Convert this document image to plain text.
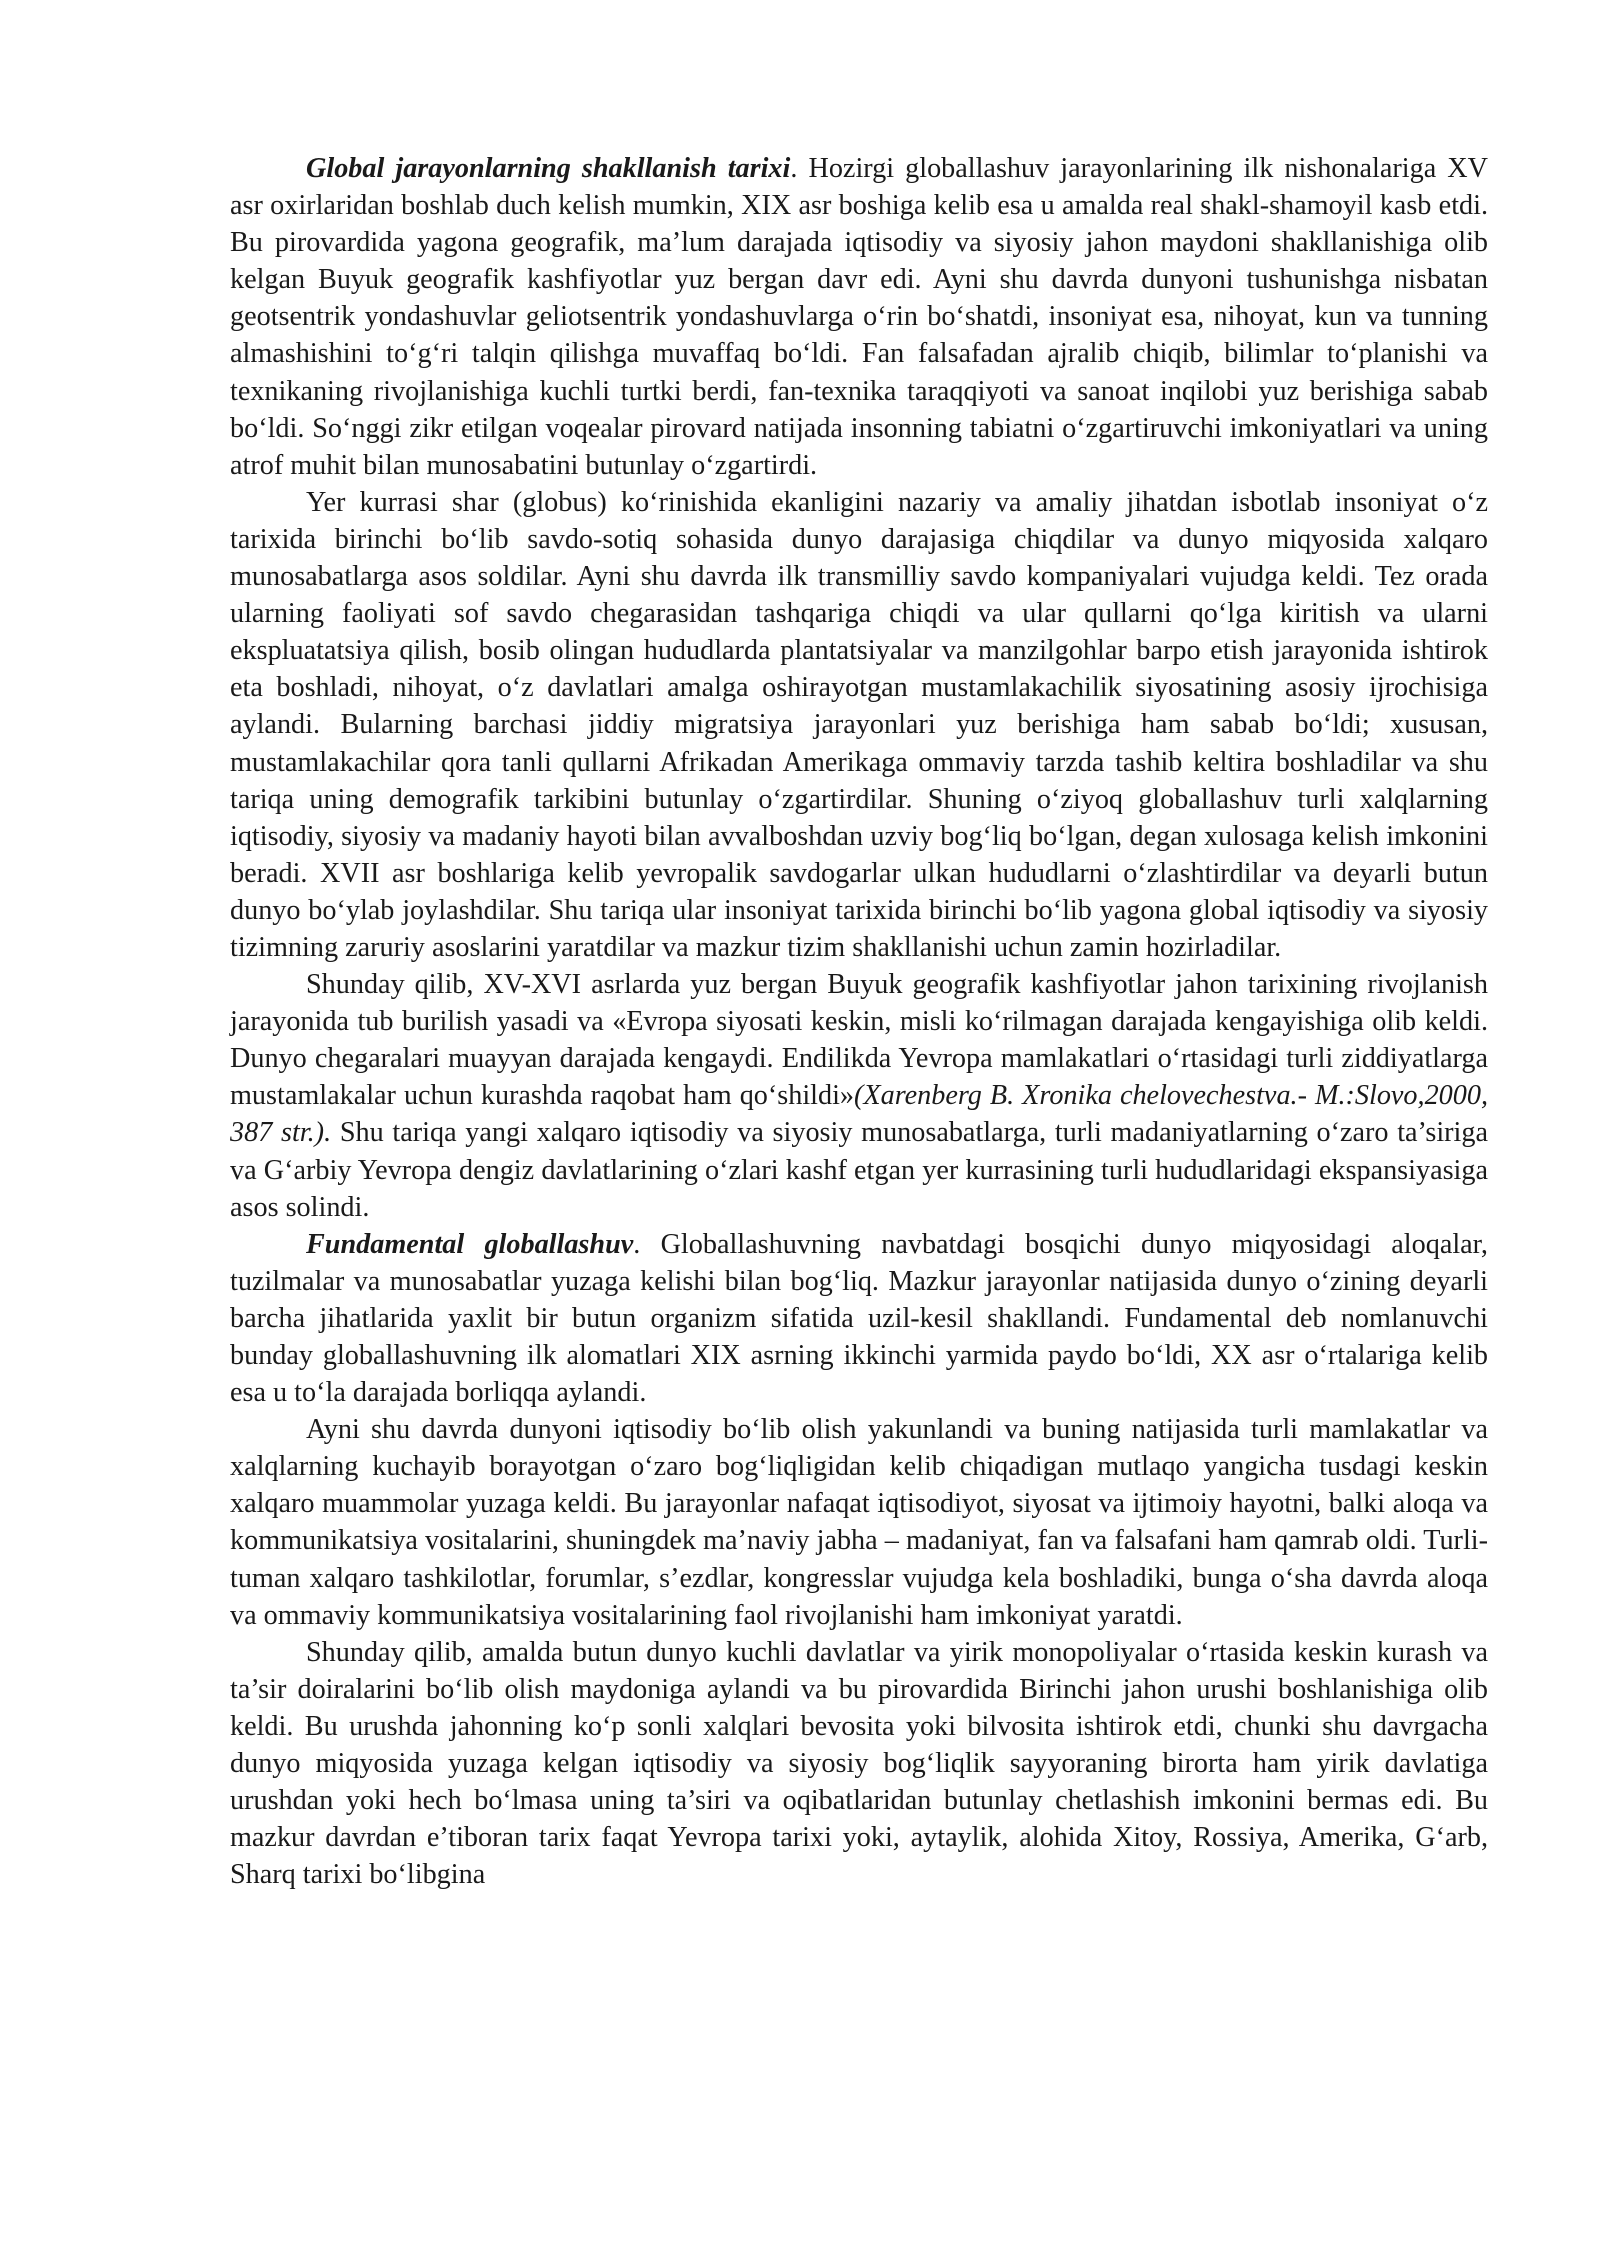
Global jarayonlarning shakllanish tarixi. Hozirgi globallashuv jarayonlarining ilk nishonalariga XV asr oxirlaridan boshlab duch kelish mumkin, XIX asr boshiga kelib esa u amalda real shakl-shamoyil kasb etdi. Bu pirovardida yagona geografik, ma’lum darajada iqtisodiy va siyosiy jahon maydoni shakllanishiga olib kelgan Buyuk geografik kashfiyotlar yuz bergan davr edi. Ayni shu davrda dunyoni tushunishga nisbatan geotsentrik yondashuvlar geliotsentrik yondashuvlarga o‘rin bo‘shatdi, insoniyat esa, nihoyat, kun va tunning almashishini to‘g‘ri talqin qilishga muvaffaq bo‘ldi. Fan falsafadan ajralib chiqib, bilimlar to‘planishi va texnikaning rivojlanishiga kuchli turtki berdi, fan-texnika taraqqiyoti va sanoat inqilobi yuz berishiga sabab bo‘ldi. So‘nggi zikr etilgan voqealar pirovard natijada insonning tabiatni o‘zgartiruvchi imkoniyatlari va uning atrof muhit bilan munosabatini butunlay o‘zgartirdi.

Yer kurrasi shar (globus) ko‘rinishida ekanligini nazariy va amaliy jihatdan isbotlab insoniyat o‘z tarixida birinchi bo‘lib savdo-sotiq sohasida dunyo darajasiga chiqdilar va dunyo miqyosida xalqaro munosabatlarga asos soldilar. Ayni shu davrda ilk transmilliy savdo kompaniyalari vujudga keldi. Tez orada ularning faoliyati sof savdo chegarasidan tashqariga chiqdi va ular qullarni qo‘lga kiritish va ularni ekspluatatsiya qilish, bosib olingan hududlarda plantatsiyalar va manzilgohlar barpo etish jarayonida ishtirok eta boshladi, nihoyat, o‘z davlatlari amalga oshirayotgan mustamlakachilik siyosatining asosiy ijrochisiga aylandi. Bularning barchasi jiddiy migratsiya jarayonlari yuz berishiga ham sabab bo‘ldi; xususan, mustamlakachilar qora tanli qullarni Afrikadan Amerikaga ommaviy tarzda tashib keltira boshladilar va shu tariqa uning demografik tarkibini butunlay o‘zgartirdilar. Shuning o‘ziyoq globallashuv turli xalqlarning iqtisodiy, siyosiy va madaniy hayoti bilan avvalboshdan uzviy bog‘liq bo‘lgan, degan xulosaga kelish imkonini beradi. XVII asr boshlariga kelib yevropalik savdogarlar ulkan hududlarni o‘zlashtirdilar va deyarli butun dunyo bo‘ylab joylashdilar. Shu tariqa ular insoniyat tarixida birinchi bo‘lib yagona global iqtisodiy va siyosiy tizimning zaruriy asoslarini yaratdilar va mazkur tizim shakllanishi uchun zamin hozirladilar.

Shunday qilib, XV-XVI asrlarda yuz bergan Buyuk geografik kashfiyotlar jahon tarixining rivojlanish jarayonida tub burilish yasadi va «Evropa siyosati keskin, misli ko‘rilmagan darajada kengayishiga olib keldi. Dunyo chegaralari muayyan darajada kengaydi. Endilikda Yevropa mamlakatlari o‘rtasidagi turli ziddiyatlarga mustamlakalar uchun kurashda raqobat ham qo‘shildi»(Xarenberg B. Xronika chelovechestva.- M.:Slovo,2000, 387 str.). Shu tariqa yangi xalqaro iqtisodiy va siyosiy munosabatlarga, turli madaniyatlarning o‘zaro ta’siriga va G‘arbiy Yevropa dengiz davlatlarining o‘zlari kashf etgan yer kurrasining turli hududlaridagi ekspansiyasiga asos solindi.

Fundamental globallashuv. Globallashuvning navbatdagi bosqichi dunyo miqyosidagi aloqalar, tuzilmalar va munosabatlar yuzaga kelishi bilan bog‘liq. Mazkur jarayonlar natijasida dunyo o‘zining deyarli barcha jihatlarida yaxlit bir butun organizm sifatida uzil-kesil shakllandi. Fundamental deb nomlanuvchi bunday globallashuvning ilk alomatlari XIX asrning ikkinchi yarmida paydo bo‘ldi, XX asr o‘rtalariga kelib esa u to‘la darajada borliqqa aylandi.

Ayni shu davrda dunyoni iqtisodiy bo‘lib olish yakunlandi va buning natijasida turli mamlakatlar va xalqlarning kuchayib borayotgan o‘zaro bog‘liqligidan kelib chiqadigan mutlaqo yangicha tusdagi keskin xalqaro muammolar yuzaga keldi. Bu jarayonlar nafaqat iqtisodiyot, siyosat va ijtimoiy hayotni, balki aloqa va kommunikatsiya vositalarini, shuningdek ma’naviy jabha – madaniyat, fan va falsafani ham qamrab oldi. Turli-tuman xalqaro tashkilotlar, forumlar, s’ezdlar, kongresslar vujudga kela boshladiki, bunga o‘sha davrda aloqa va ommaviy kommunikatsiya vositalarining faol rivojlanishi ham imkoniyat yaratdi.

Shunday qilib, amalda butun dunyo kuchli davlatlar va yirik monopoliyalar o‘rtasida keskin kurash va ta’sir doiralarini bo‘lib olish maydoniga aylandi va bu pirovardida Birinchi jahon urushi boshlanishiga olib keldi. Bu urushda jahonning ko‘p sonli xalqlari bevosita yoki bilvosita ishtirok etdi, chunki shu davrgacha dunyo miqyosida yuzaga kelgan iqtisodiy va siyosiy bog‘liqlik sayyoraning birorta ham yirik davlatiga urushdan yoki hech bo‘lmasa uning ta’siri va oqibatlaridan butunlay chetlashish imkonini bermas edi. Bu mazkur davrdan e’tiboran tarix faqat Yevropa tarixi yoki, aytaylik, alohida Xitoy, Rossiya, Amerika, G‘arb, Sharq tarixi bo‘libgina
